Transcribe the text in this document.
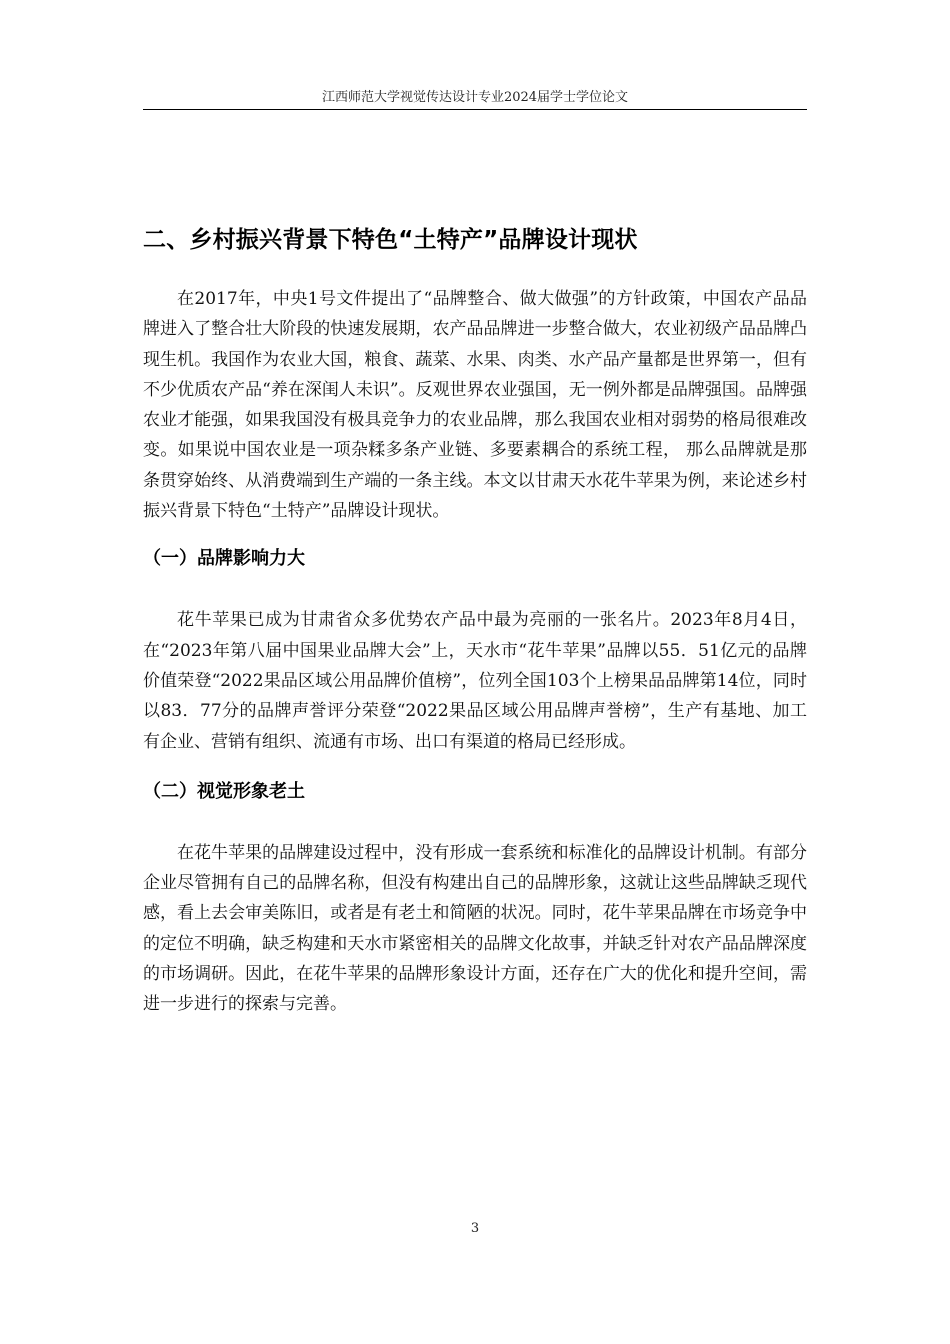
江西师范大学视觉传达设计专业2024届学士学位论文
二、乡村振兴背景下特色“土特产”品牌设计现状

在2017年，中央1号文件提出了“品牌整合、做大做强”的方针政策，中国农产品品牌进入了整合壮大阶段的快速发展期，农产品品牌进一步整合做大，农业初级产品品牌凸现生机。我国作为农业大国，粮食、蔬菜、水果、肉类、水产品产量都是世界第一，但有不少优质农产品“养在深闺人未识”。反观世界农业强国，无一例外都是品牌强国。品牌强农业才能强，如果我国没有极具竞争力的农业品牌，那么我国农业相对弱势的格局很难改变。如果说中国农业是一项杂糅多条产业链、多要素耦合的系统工程， 那么品牌就是那条贯穿始终、从消费端到生产端的一条主线。本文以甘肃天水花牛苹果为例，来论述乡村振兴背景下特色“土特产”品牌设计现状。

（一）品牌影响力大

花牛苹果已成为甘肃省众多优势农产品中最为亮丽的一张名片。2023年8月4日，在“2023年第八届中国果业品牌大会”上，天水市“花牛苹果”品牌以55．51亿元的品牌价值荣登“2022果品区域公用品牌价值榜”，位列全国103个上榜果品品牌第14位，同时以83．77分的品牌声誉评分荣登“2022果品区域公用品牌声誉榜”，生产有基地、加工有企业、营销有组织、流通有市场、出口有渠道的格局已经形成。

（二）视觉形象老土

在花牛苹果的品牌建设过程中，没有形成一套系统和标准化的品牌设计机制。有部分企业尽管拥有自己的品牌名称，但没有构建出自己的品牌形象，这就让这些品牌缺乏现代感，看上去会审美陈旧，或者是有老土和简陋的状况。同时，花牛苹果品牌在市场竞争中的定位不明确，缺乏构建和天水市紧密相关的品牌文化故事，并缺乏针对农产品品牌深度的市场调研。因此，在花牛苹果的品牌形象设计方面，还存在广大的优化和提升空间，需进一步进行的探索与完善。

3
